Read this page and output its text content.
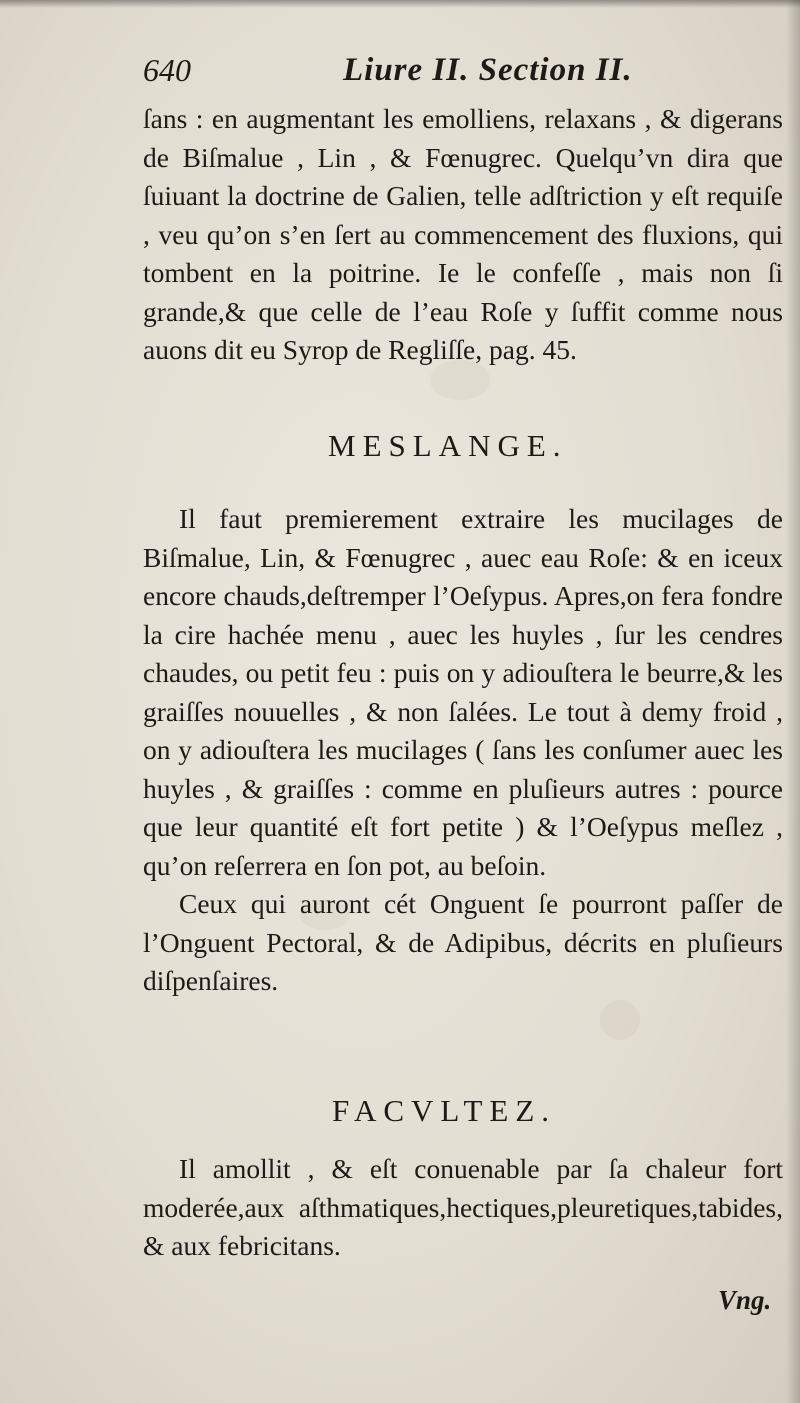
640	Liure II. Section II.

ſans : en augmentant les emolliens, relaxans , & digerans de Biſmalue , Lin , & Fœnugrec. Quelqu’vn dira que ſuiuant la doctrine de Galien, telle adſtriction y eſt requiſe , veu qu’on s’en ſert au commencement des fluxions, qui tombent en la poitrine. Ie le confeſſe , mais non ſi grande,& que celle de l’eau Roſe y ſuffit comme nous auons dit eu Syrop de Regliſſe, pag. 45.

MESLANGE.

Il faut premierement extraire les mucilages de Biſmalue, Lin, & Fœnugrec , auec eau Roſe: & en iceux encore chauds,deſtremper l’Oeſypus. Apres,on fera fondre la cire hachée menu , auec les huyles , ſur les cendres chaudes, ou petit feu : puis on y adiouſtera le beurre,& les graiſſes nouuelles , & non ſalées. Le tout à demy froid , on y adiouſtera les mucilages ( ſans les conſumer auec les huyles , & graiſſes : comme en pluſieurs autres : pource que leur quantité eſt fort petite ) & l’Oeſypus meſlez , qu’on reſerrera en ſon pot, au beſoin.

Ceux qui auront cét Onguent ſe pourront paſſer de l’Onguent Pectoral, & de Adipibus, décrits en pluſieurs diſpenſaires.

FACVLTEZ.

Il amollit , & eſt conuenable par ſa chaleur fort moderée,aux aſthmatiques,hectiques,pleuretiques,tabides, & aux febricitans.

Vng.
